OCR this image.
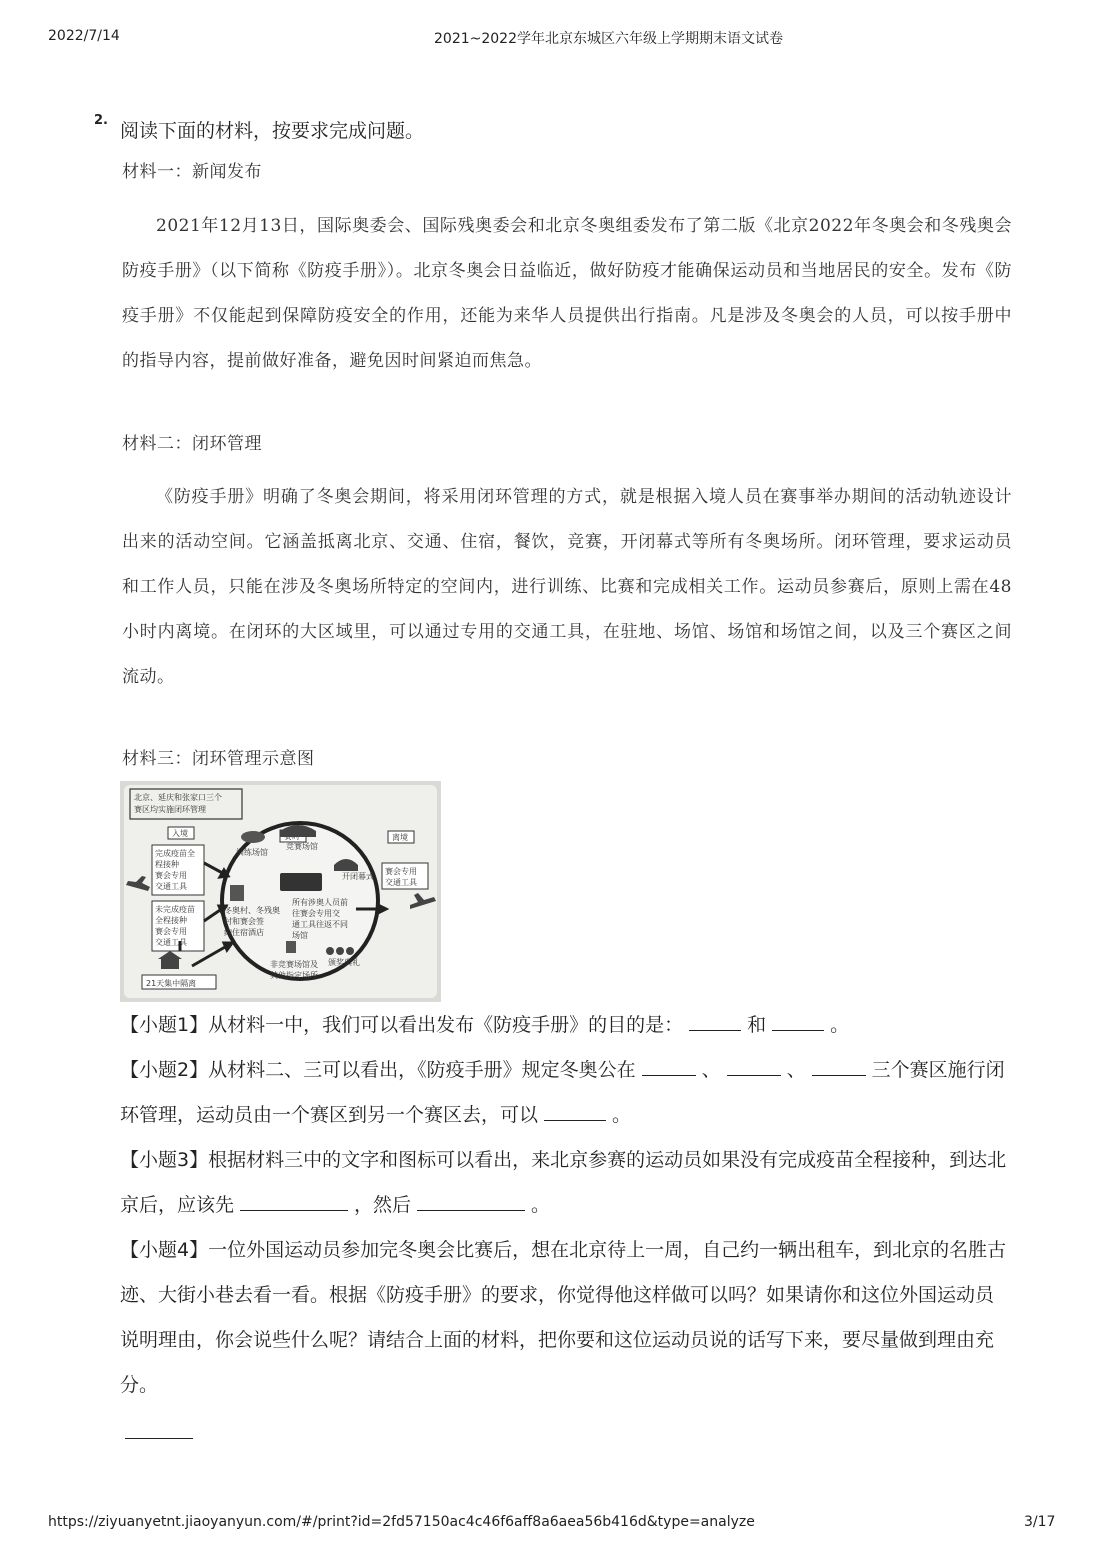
2022/7/14	2021~2022学年北京东城区六年级上学期期末语文试卷
2. 阅读下面的材料，按要求完成问题。
材料一：新闻发布
2021年12月13日，国际奥委会、国际残奥委会和北京冬奥组委发布了第二版《北京2022年冬奥会和冬残奥会防疫手册》（以下简称《防疫手册》）。北京冬奥会日益临近，做好防疫才能确保运动员和当地居民的安全。发布《防疫手册》不仅能起到保障防疫安全的作用，还能为来华人员提供出行指南。凡是涉及冬奥会的人员，可以按手册中的指导内容，提前做好准备，避免因时间紧迫而焦急。
材料二：闭环管理
《防疫手册》明确了冬奥会期间，将采用闭环管理的方式，就是根据入境人员在赛事举办期间的活动轨迹设计出来的活动空间。它涵盖抵离北京、交通、住宿，餐饮，竞赛，开闭幕式等所有冬奥场所。闭环管理，要求运动员和工作人员，只能在涉及冬奥场所特定的空间内，进行训练、比赛和完成相关工作。运动员参赛后，原则上需在48小时内离境。在闭环的大区域里，可以通过专用的交通工具，在驻地、场馆、场馆和场馆之间，以及三个赛区之间流动。
材料三：闭环管理示意图
北京、延庆和张家口三个
赛区均实施闭环管理
入境	离境
完成疫苗全
程接种
赛会专用
交通工具
未完成疫苗
全程接种
赛会专用
交通工具
21天集中隔离
赛会专用
交通工具
训练场馆
竞赛场馆
开闭幕式
冬奥村、冬残奥
村和赛会签
约住宿酒店
所有涉奥人员前
往赛会专用交
通工具往返不同
场馆
颁奖典礼
非竞赛场馆及
其他指定场所
【小题1】从材料一中，我们可以看出发布《防疫手册》的目的是：	和	。
【小题2】从材料二、三可以看出，《防疫手册》规定冬奥公在	、	、	三个赛区施行闭环管理，运动员由一个赛区到另一个赛区去，可以	。
【小题3】根据材料三中的文字和图标可以看出，来北京参赛的运动员如果没有完成疫苗全程接种，到达北京后，应该先	，然后	。
【小题4】一位外国运动员参加完冬奥会比赛后，想在北京待上一周，自己约一辆出租车，到北京的名胜古迹、大街小巷去看一看。根据《防疫手册》的要求，你觉得他这样做可以吗？如果请你和这位外国运动员说明理由，你会说些什么呢？请结合上面的材料，把你要和这位运动员说的话写下来，要尽量做到理由充分。
https://ziyuanyetnt.jiaoyanyun.com/#/print?id=2fd57150ac4c46f6aff8a6aea56b416d&type=analyze	3/17
